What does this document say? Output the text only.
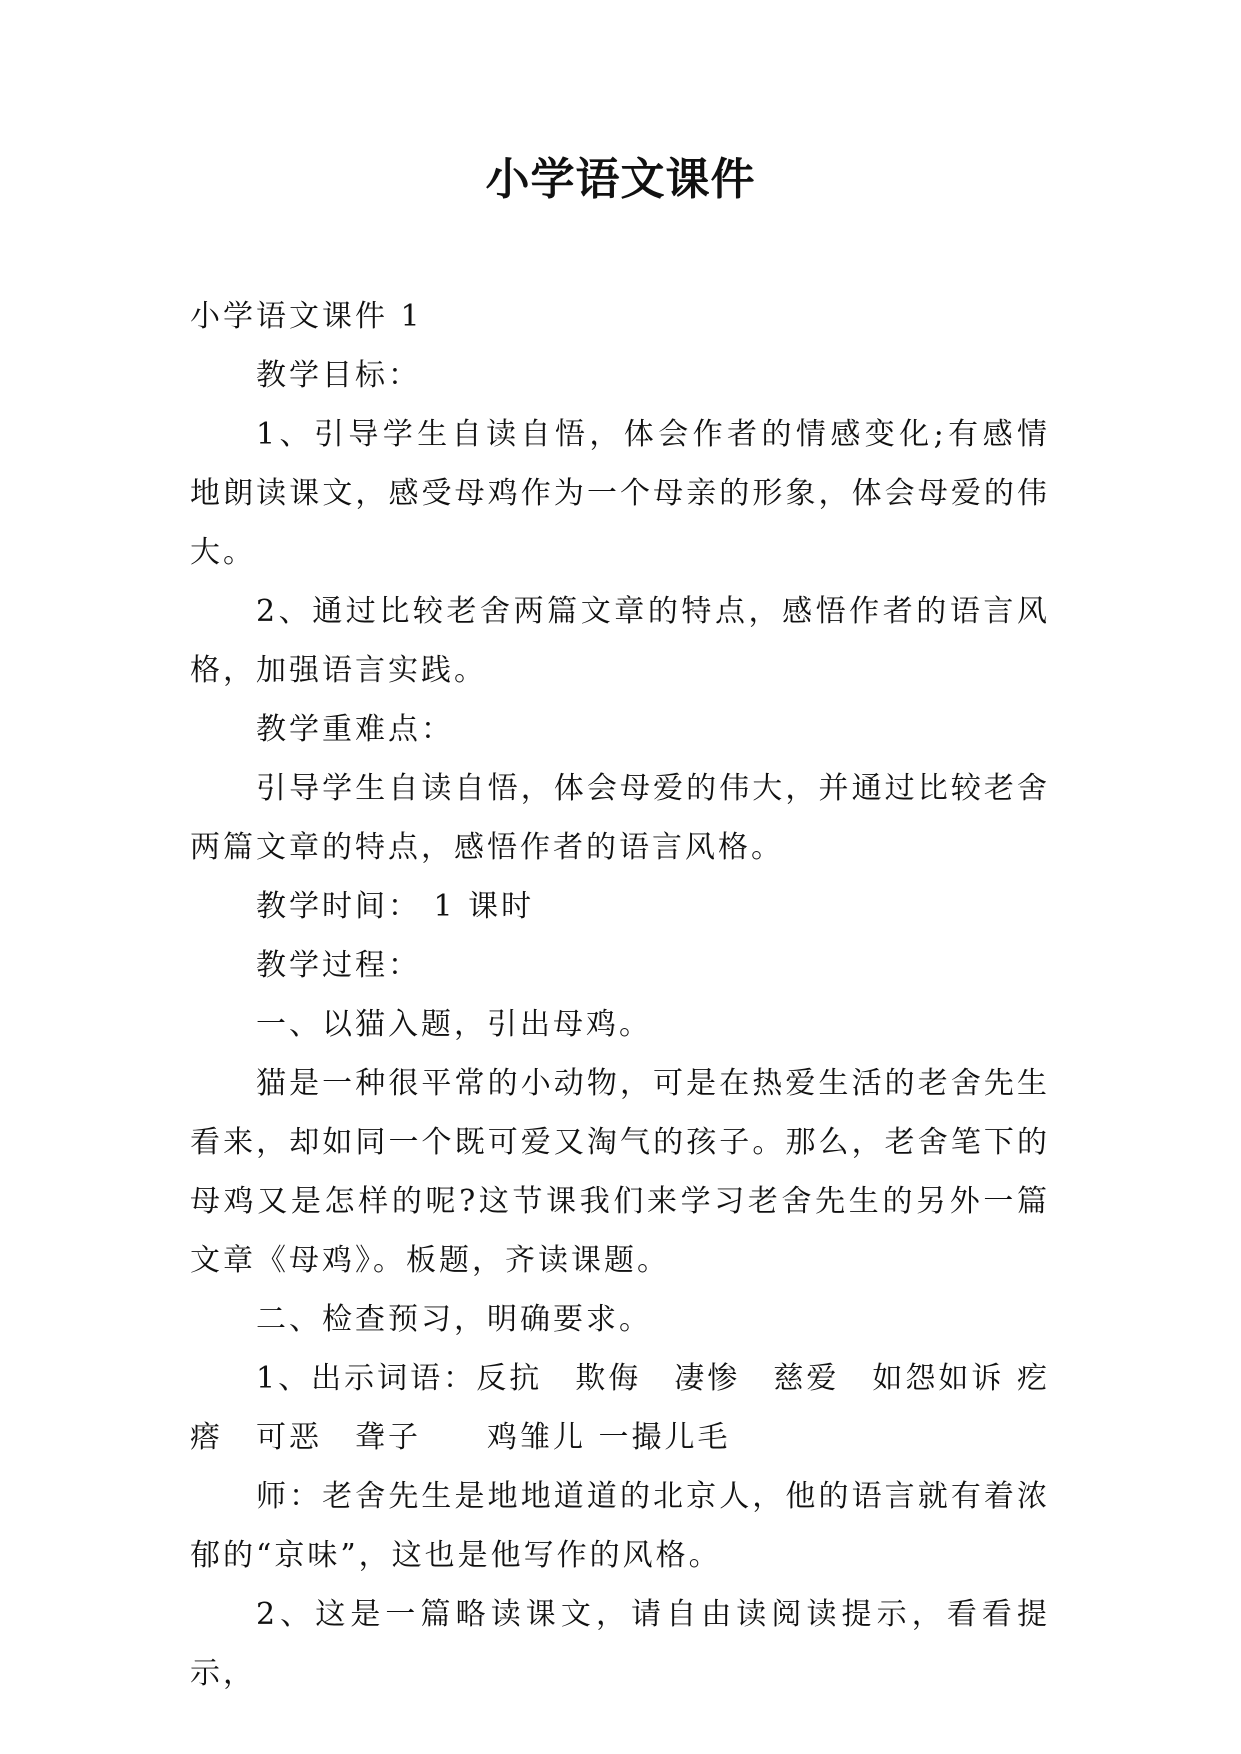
小学语文课件

小学语文课件 1

教学目标：

1、引导学生自读自悟，体会作者的情感变化;有感情地朗读课文，感受母鸡作为一个母亲的形象，体会母爱的伟大。

2、通过比较老舍两篇文章的特点，感悟作者的语言风格，加强语言实践。

教学重难点：

引导学生自读自悟，体会母爱的伟大，并通过比较老舍两篇文章的特点，感悟作者的语言风格。

教学时间： 1 课时

教学过程：

一、以猫入题，引出母鸡。

猫是一种很平常的小动物，可是在热爱生活的老舍先生看来，却如同一个既可爱又淘气的孩子。那么，老舍笔下的母鸡又是怎样的呢?这节课我们来学习老舍先生的另外一篇文章《母鸡》。板题，齐读课题。

二、检查预习，明确要求。

1、出示词语：反抗　欺侮　凄惨　慈爱　如怨如诉 疙瘩　可恶　聋子　　鸡雏儿 一撮儿毛

师：老舍先生是地地道道的北京人，他的语言就有着浓郁的“京味”，这也是他写作的风格。

2、这是一篇略读课文，请自由读阅读提示，看看提示，
